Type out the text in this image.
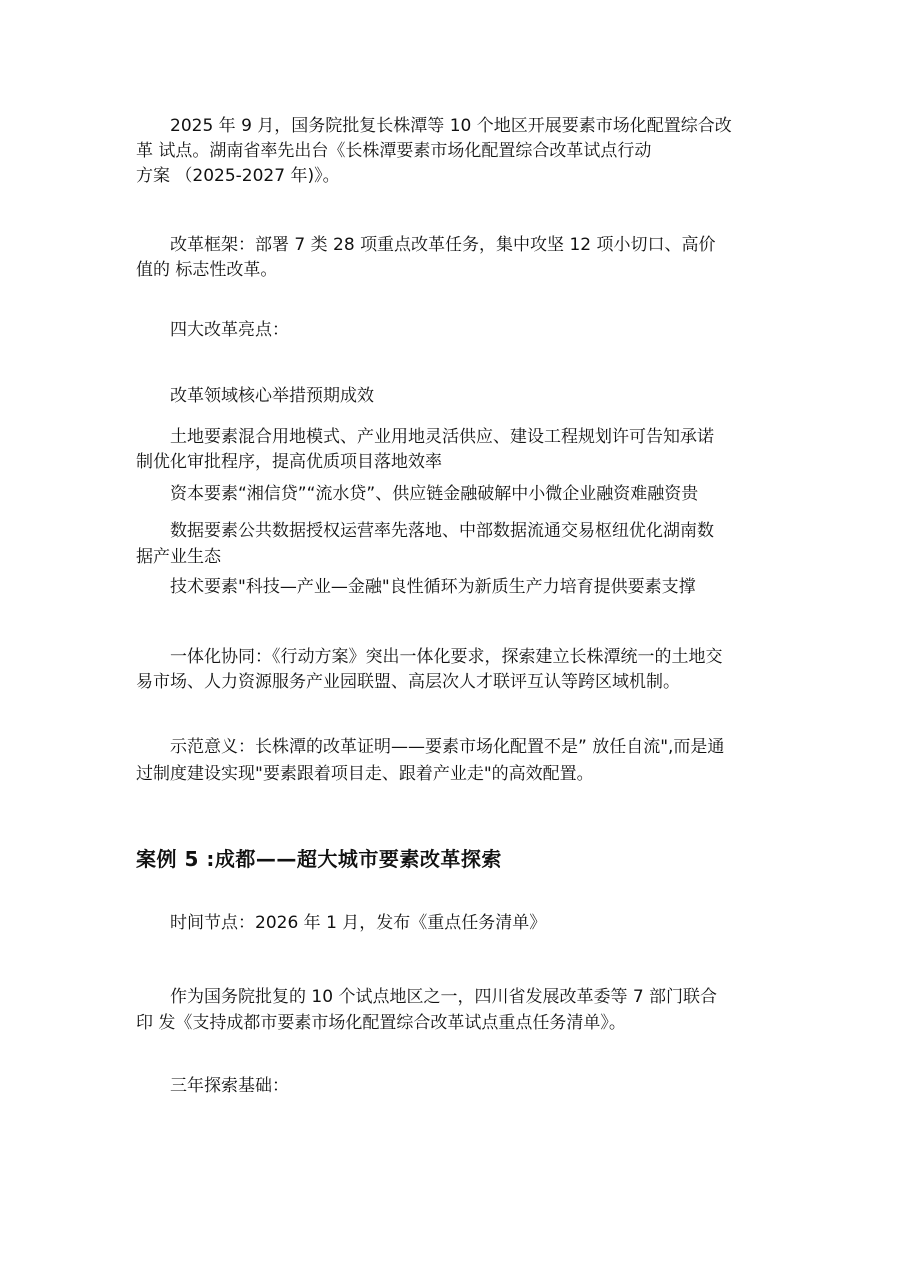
　　2025 年 9 月，国务院批复长株潭等 10 个地区开展要素市场化配置综合改
革 试点。湖南省率先出台《长株潭要素市场化配置综合改革试点行动
方案 （2025-2027 年)》。
　　改革框架：部署 7 类 28 项重点改革任务，集中攻坚 12 项小切口、高价
值的 标志性改革。
　　四大改革亮点：
　　改革领域核心举措预期成效
　　土地要素混合用地模式、产业用地灵活供应、建设工程规划许可告知承诺
制优化审批程序，提高优质项目落地效率
　　资本要素“湘信贷”“流水贷”、供应链金融破解中小微企业融资难融资贵
　　数据要素公共数据授权运营率先落地、中部数据流通交易枢纽优化湖南数
据产业生态
　　技术要素"科技—产业—金融"良性循环为新质生产力培育提供要素支撑
　　一体化协同：《行动方案》突出一体化要求，探索建立长株潭统一的土地交
易市场、人力资源服务产业园联盟、高层次人才联评互认等跨区域机制。
　　示范意义：长株潭的改革证明——要素市场化配置不是” 放任自流",而是通
过制度建设实现"要素跟着项目走、跟着产业走"的高效配置。
案例 5 :成都——超大城市要素改革探索
　　时间节点：2026 年 1 月，发布《重点任务清单》
　　作为国务院批复的 10 个试点地区之一，四川省发展改革委等 7 部门联合
印 发《支持成都市要素市场化配置综合改革试点重点任务清单》。
　　三年探索基础：
